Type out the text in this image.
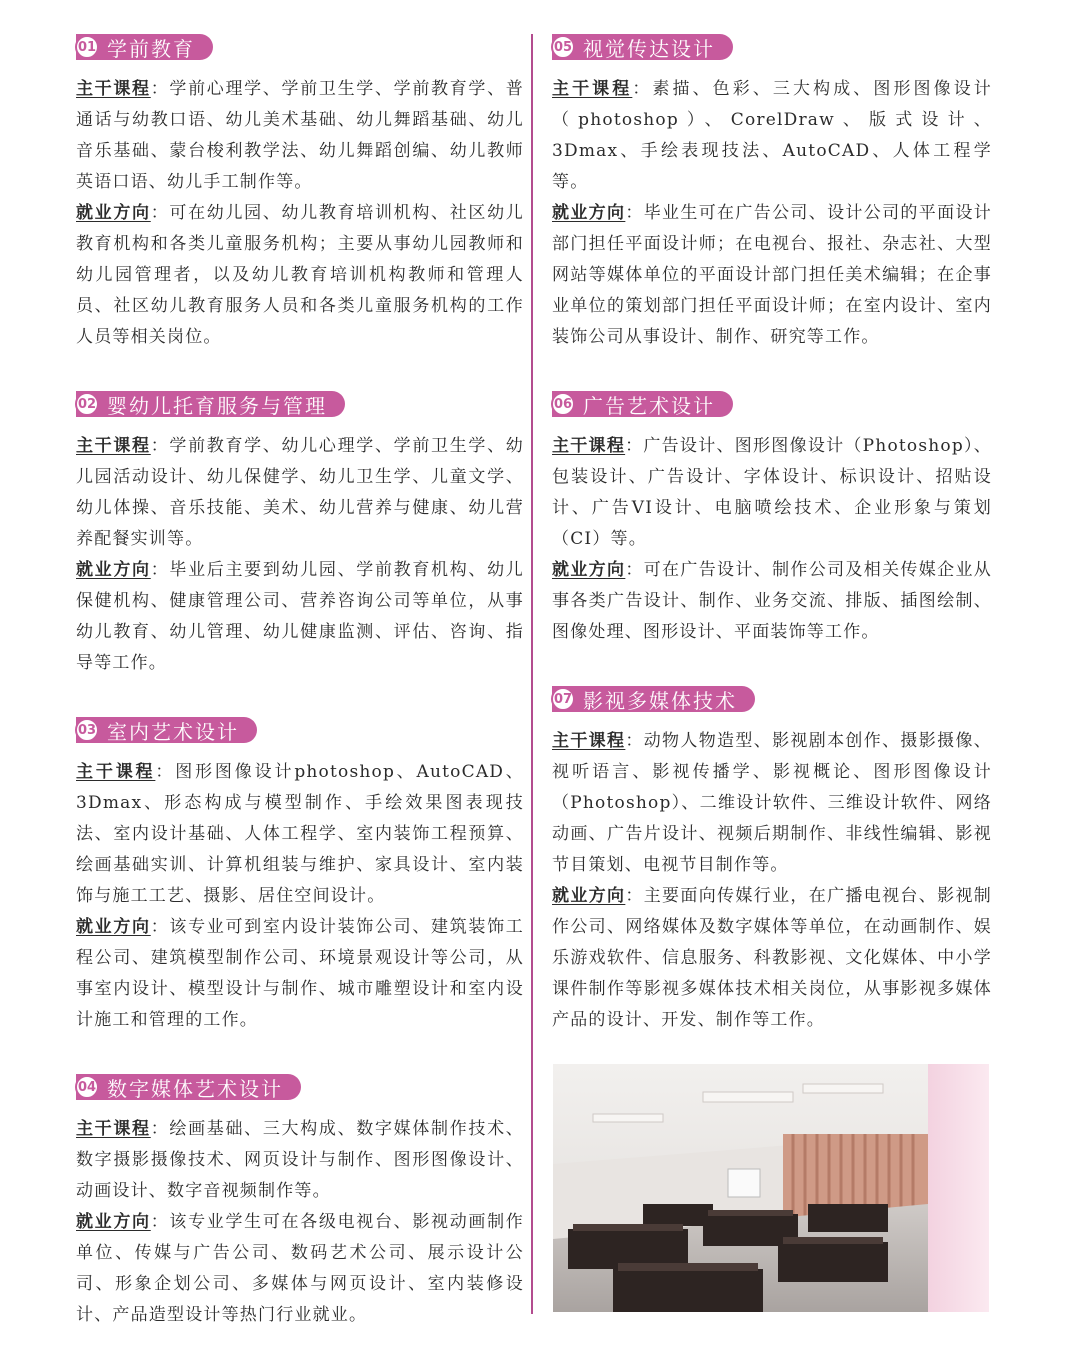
01 学前教育

主干课程：学前心理学、学前卫生学、学前教育学、普通话与幼教口语、幼儿美术基础、幼儿舞蹈基础、幼儿音乐基础、蒙台梭利教学法、幼儿舞蹈创编、幼儿教师英语口语、幼儿手工制作等。

就业方向：可在幼儿园、幼儿教育培训机构、社区幼儿教育机构和各类儿童服务机构；主要从事幼儿园教师和幼儿园管理者，以及幼儿教育培训机构教师和管理人员、社区幼儿教育服务人员和各类儿童服务机构的工作人员等相关岗位。

02 婴幼儿托育服务与管理

主干课程：学前教育学、幼儿心理学、学前卫生学、幼儿园活动设计、幼儿保健学、幼儿卫生学、儿童文学、幼儿体操、音乐技能、美术、幼儿营养与健康、幼儿营养配餐实训等。

就业方向：毕业后主要到幼儿园、学前教育机构、幼儿保健机构、健康管理公司、营养咨询公司等单位，从事幼儿教育、幼儿管理、幼儿健康监测、评估、咨询、指导等工作。

03 室内艺术设计

主干课程：图形图像设计photoshop、AutoCAD、3Dmax、形态构成与模型制作、手绘效果图表现技法、室内设计基础、人体工程学、室内装饰工程预算、绘画基础实训、计算机组装与维护、家具设计、室内装饰与施工工艺、摄影、居住空间设计。

就业方向：该专业可到室内设计装饰公司、建筑装饰工程公司、建筑模型制作公司、环境景观设计等公司，从事室内设计、模型设计与制作、城市雕塑设计和室内设计施工和管理的工作。

04 数字媒体艺术设计

主干课程：绘画基础、三大构成、数字媒体制作技术、数字摄影摄像技术、网页设计与制作、图形图像设计、动画设计、数字音视频制作等。

就业方向：该专业学生可在各级电视台、影视动画制作单位、传媒与广告公司、数码艺术公司、展示设计公司、形象企划公司、多媒体与网页设计、室内装修设计、产品造型设计等热门行业就业。

05 视觉传达设计

主干课程：素描、色彩、三大构成、图形图像设计（photoshop）、CorelDraw、版式设计、3Dmax、手绘表现技法、AutoCAD、人体工程学等。

就业方向：毕业生可在广告公司、设计公司的平面设计部门担任平面设计师；在电视台、报社、杂志社、大型网站等媒体单位的平面设计部门担任美术编辑；在企事业单位的策划部门担任平面设计师；在室内设计、室内装饰公司从事设计、制作、研究等工作。

06 广告艺术设计

主干课程：广告设计、图形图像设计（Photoshop）、包装设计、广告设计、字体设计、标识设计、招贴设计、广告VI设计、电脑喷绘技术、企业形象与策划（CI）等。

就业方向：可在广告设计、制作公司及相关传媒企业从事各类广告设计、制作、业务交流、排版、插图绘制、图像处理、图形设计、平面装饰等工作。

07 影视多媒体技术

主干课程：动物人物造型、影视剧本创作、摄影摄像、视听语言、影视传播学、影视概论、图形图像设计（Photoshop）、二维设计软件、三维设计软件、网络动画、广告片设计、视频后期制作、非线性编辑、影视节目策划、电视节目制作等。

就业方向：主要面向传媒行业，在广播电视台、影视制作公司、网络媒体及数字媒体等单位，在动画制作、娱乐游戏软件、信息服务、科教影视、文化媒体、中小学课件制作等影视多媒体技术相关岗位，从事影视多媒体产品的设计、开发、制作等工作。
